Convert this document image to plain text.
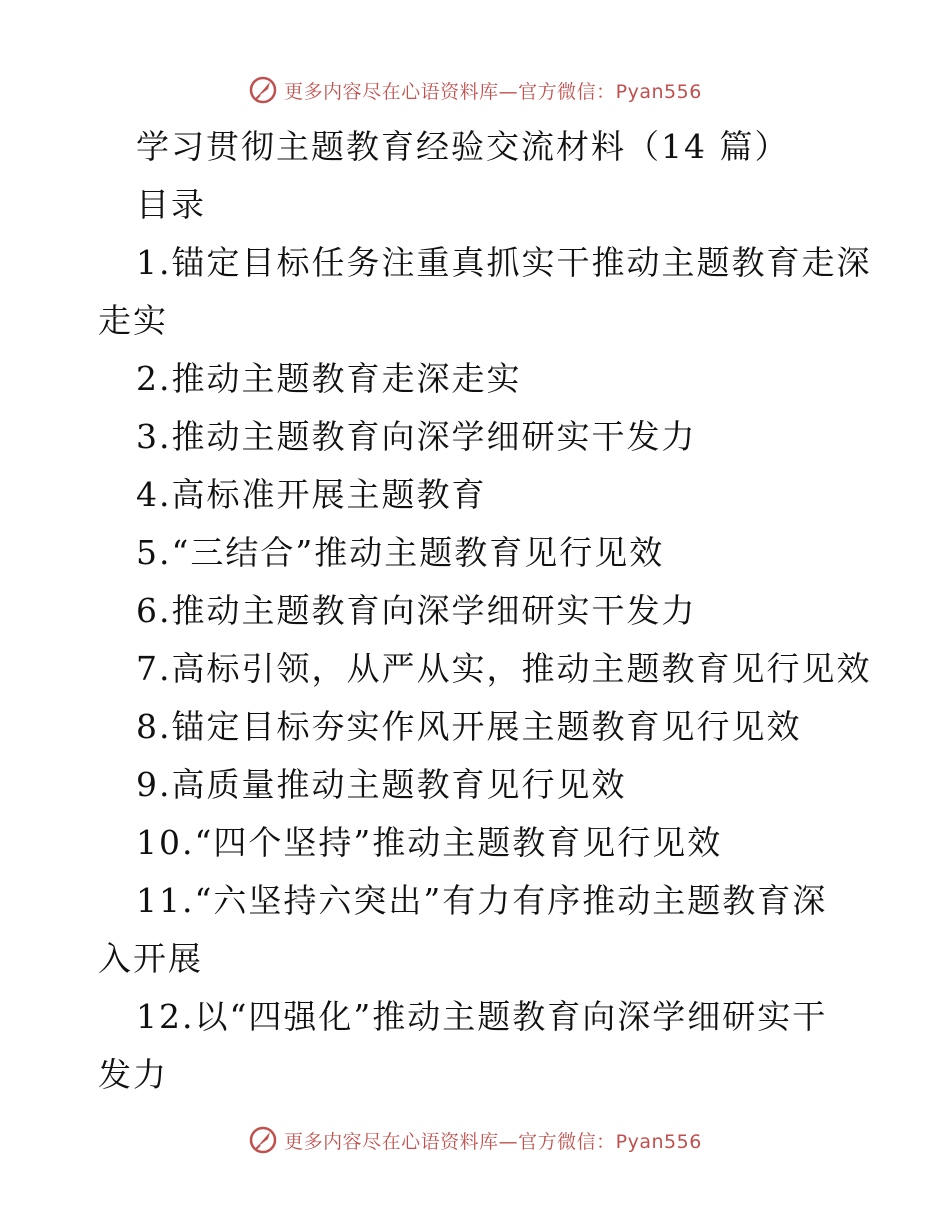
更多内容尽在心语资料库—官方微信：Pyan556
学习贯彻主题教育经验交流材料（14 篇）
目录
1.锚定目标任务注重真抓实干推动主题教育走深
走实
2.推动主题教育走深走实
3.推动主题教育向深学细研实干发力
4.高标准开展主题教育
5.“三结合”推动主题教育见行见效
6.推动主题教育向深学细研实干发力
7.高标引领，从严从实，推动主题教育见行见效
8.锚定目标夯实作风开展主题教育见行见效
9.高质量推动主题教育见行见效
10.“四个坚持”推动主题教育见行见效
11.“六坚持六突出”有力有序推动主题教育深
入开展
12.以“四强化”推动主题教育向深学细研实干
发力
更多内容尽在心语资料库—官方微信：Pyan556
